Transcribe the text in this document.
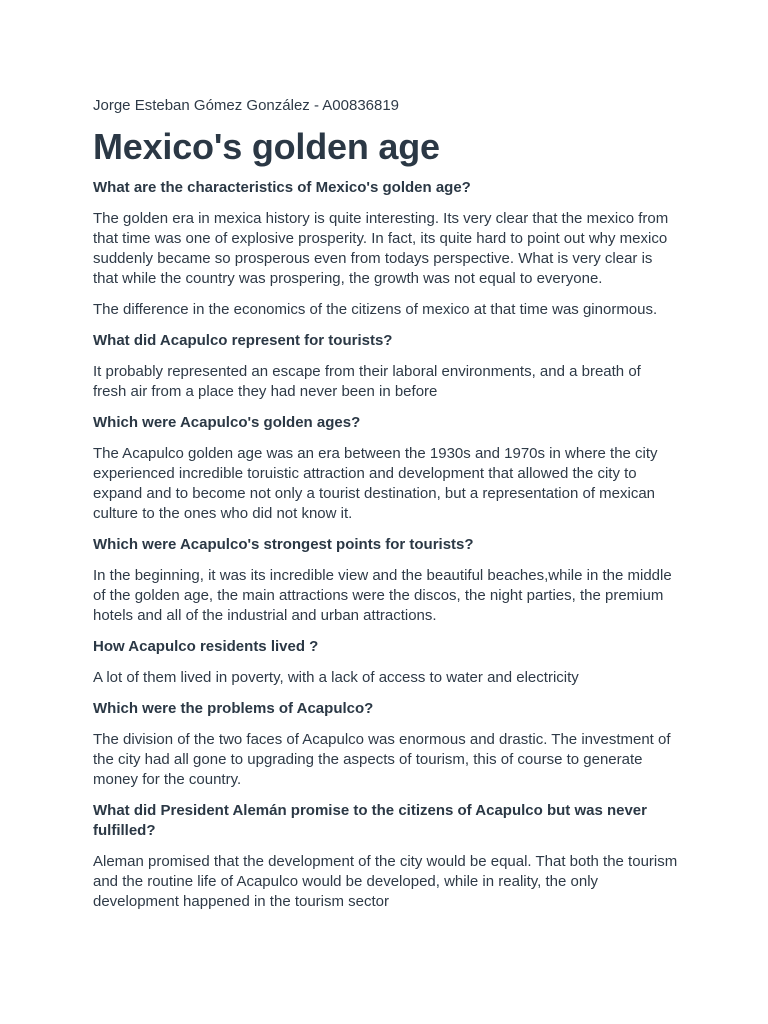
Jorge Esteban Gómez González - A00836819

Mexico's golden age

What are the characteristics of Mexico's golden age?

The golden era in mexica history is quite interesting. Its very clear that the mexico from that time was one of explosive prosperity. In fact, its quite hard to point out why mexico suddenly became so prosperous even from todays perspective. What is very clear is that while the country was prospering, the growth was not equal to everyone.

The difference in the economics of the citizens of mexico at that time was ginormous.

What did Acapulco represent for tourists?

It probably represented an escape from their laboral environments, and a breath of fresh air from a place they had never been in before

Which were Acapulco's golden ages?

The Acapulco golden age was an era between the 1930s and 1970s in where the city experienced incredible toruistic attraction and development that allowed the city to expand and to become not only a tourist destination, but a representation of mexican culture to the ones who did not know it.

Which were Acapulco's strongest points for tourists?

In the beginning, it was its incredible view and the beautiful beaches,while in the middle of the golden age, the main attractions were the discos, the night parties, the premium hotels and all of the industrial and urban attractions.

How Acapulco residents lived ?

A lot of them lived in poverty, with a lack of access to water and electricity

Which were the problems of Acapulco?

The division of the two faces of Acapulco was enormous and drastic. The investment of the city had all gone to upgrading the aspects of tourism, this of course to generate money for the country.

What did President Alemán promise to the citizens of Acapulco but was never fulfilled?

Aleman promised that the development of the city would be equal. That both the tourism and the routine life of Acapulco would be developed, while in reality, the only development happened in the tourism sector
